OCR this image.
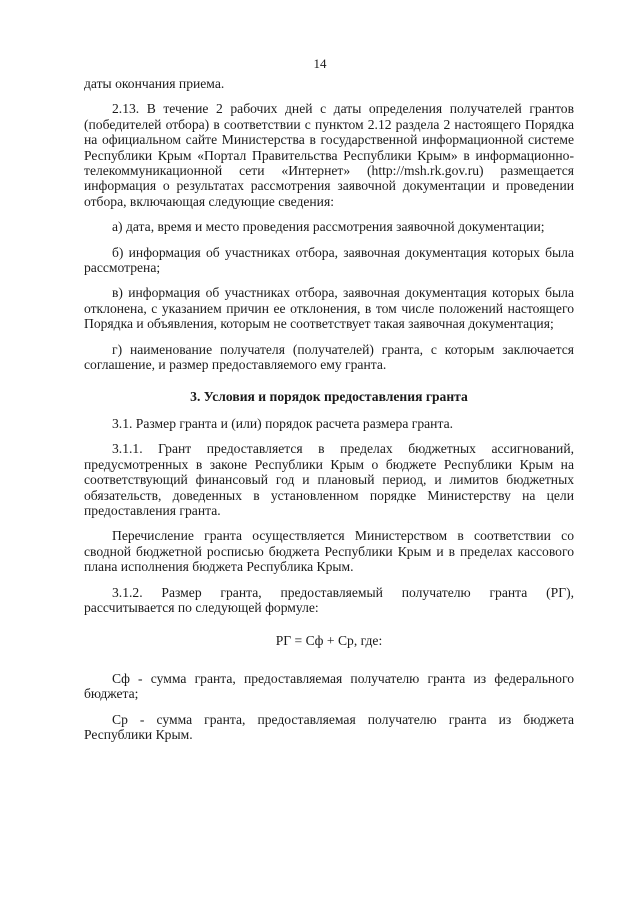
14

даты окончания приема.

2.13. В течение 2 рабочих дней с даты определения получателей грантов (победителей отбора) в соответствии с пунктом 2.12 раздела 2 настоящего Порядка на официальном сайте Министерства в государственной информационной системе Республики Крым «Портал Правительства Республики Крым» в информационно-телекоммуникационной сети «Интернет» (http://msh.rk.gov.ru) размещается информация о результатах рассмотрения заявочной документации и проведении отбора, включающая следующие сведения:

а) дата, время и место проведения рассмотрения заявочной документации;

б) информация об участниках отбора, заявочная документация которых была рассмотрена;

в) информация об участниках отбора, заявочная документация которых была отклонена, с указанием причин ее отклонения, в том числе положений настоящего Порядка и объявления, которым не соответствует такая заявочная документация;

г) наименование получателя (получателей) гранта, с которым заключается соглашение, и размер предоставляемого ему гранта.

3. Условия и порядок предоставления гранта

3.1. Размер гранта и (или) порядок расчета размера гранта.

3.1.1. Грант предоставляется в пределах бюджетных ассигнований, предусмотренных в законе Республики Крым о бюджете Республики Крым на соответствующий финансовый год и плановый период, и лимитов бюджетных обязательств, доведенных в установленном порядке Министерству на цели предоставления гранта.

Перечисление гранта осуществляется Министерством в соответствии со сводной бюджетной росписью бюджета Республики Крым и в пределах кассового плана исполнения бюджета Республика Крым.

3.1.2. Размер гранта, предоставляемый получателю гранта (РГ), рассчитывается по следующей формуле:

РГ = Сф + Ср, где:

Сф - сумма гранта, предоставляемая получателю гранта из федерального бюджета;

Ср - сумма гранта, предоставляемая получателю гранта из бюджета Республики Крым.
